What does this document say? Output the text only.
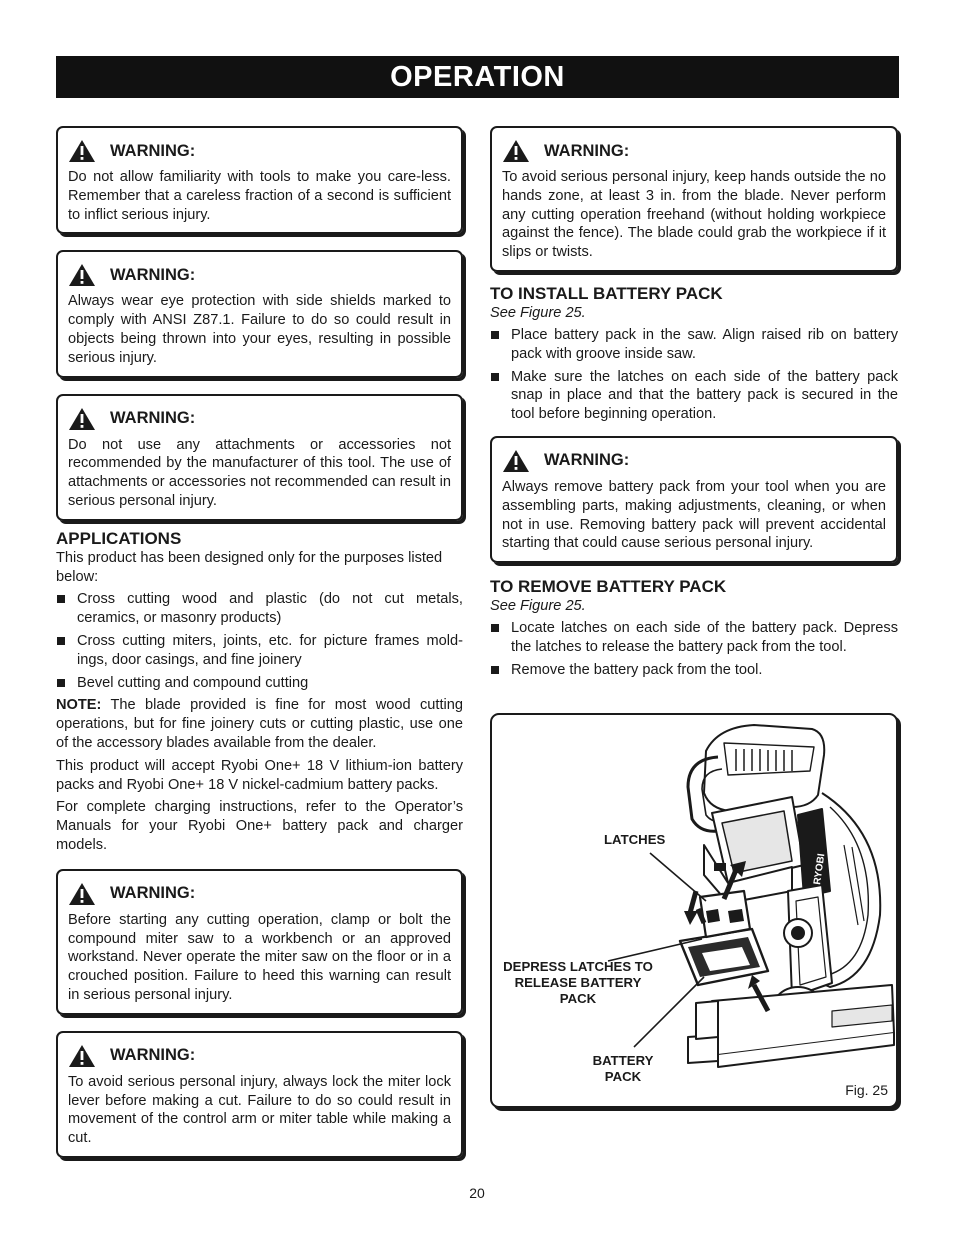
OPERATION
WARNING:

Do not allow familiarity with tools to make you care-less. Remember that a careless fraction of a second is sufficient to inflict serious injury.

WARNING:

Always wear eye protection with side shields marked to comply with ANSI Z87.1. Failure to do so could result in objects being thrown into your eyes, resulting in possible serious injury.

WARNING:

Do not use any attachments or accessories not recommended by the manufacturer of this tool. The use of attachments or accessories not recommended can result in serious personal injury.

APPLICATIONS

This product has been designed only for the purposes listed below:

Cross cutting wood and plastic (do not cut metals, ceramics, or masonry products)
Cross cutting miters, joints, etc. for picture frames mold-ings, door casings, and fine joinery
Bevel cutting and compound cutting

NOTE: The blade provided is fine for most wood cutting operations, but for fine joinery cuts or cutting plastic, use one of the accessory blades available from the dealer.

This product will accept Ryobi One+ 18 V lithium-ion battery packs and Ryobi One+ 18 V nickel-cadmium battery packs.

For complete charging instructions, refer to the Operator’s Manuals for your Ryobi One+ battery pack and charger models.

WARNING:

Before starting any cutting operation, clamp or bolt the compound miter saw to a workbench or an approved workstand. Never operate the miter saw on the floor or in a crouched position. Failure to heed this warning can result in serious personal injury.

WARNING:

To avoid serious personal injury, always lock the miter lock lever before making a cut. Failure to do so could result in movement of the control arm or miter table while making a cut.

WARNING:

To avoid serious personal injury, keep hands outside the no hands zone, at least 3 in. from the blade. Never perform any cutting operation freehand (without holding workpiece against the fence). The blade could grab the workpiece if it slips or twists.

TO INSTALL BATTERY PACK

See Figure 25.

Place battery pack in the saw. Align raised rib on battery pack with groove inside saw.
Make sure the latches on each side of the battery pack snap in place and that the battery pack is secured in the tool before beginning operation.
WARNING:

Always remove battery pack from your tool when you are assembling parts, making adjustments, cleaning, or when not in use. Removing battery pack will prevent accidental starting that could cause serious personal injury.

TO REMOVE BATTERY PACK

See Figure 25.

Locate latches on each side of the battery pack. Depress the latches to release the battery pack from the tool.
Remove the battery pack from the tool.
RYOBI
LATCHES
DEPRESS LATCHES TO
RELEASE BATTERY PACK
BATTERY
PACK
Fig. 25
20
